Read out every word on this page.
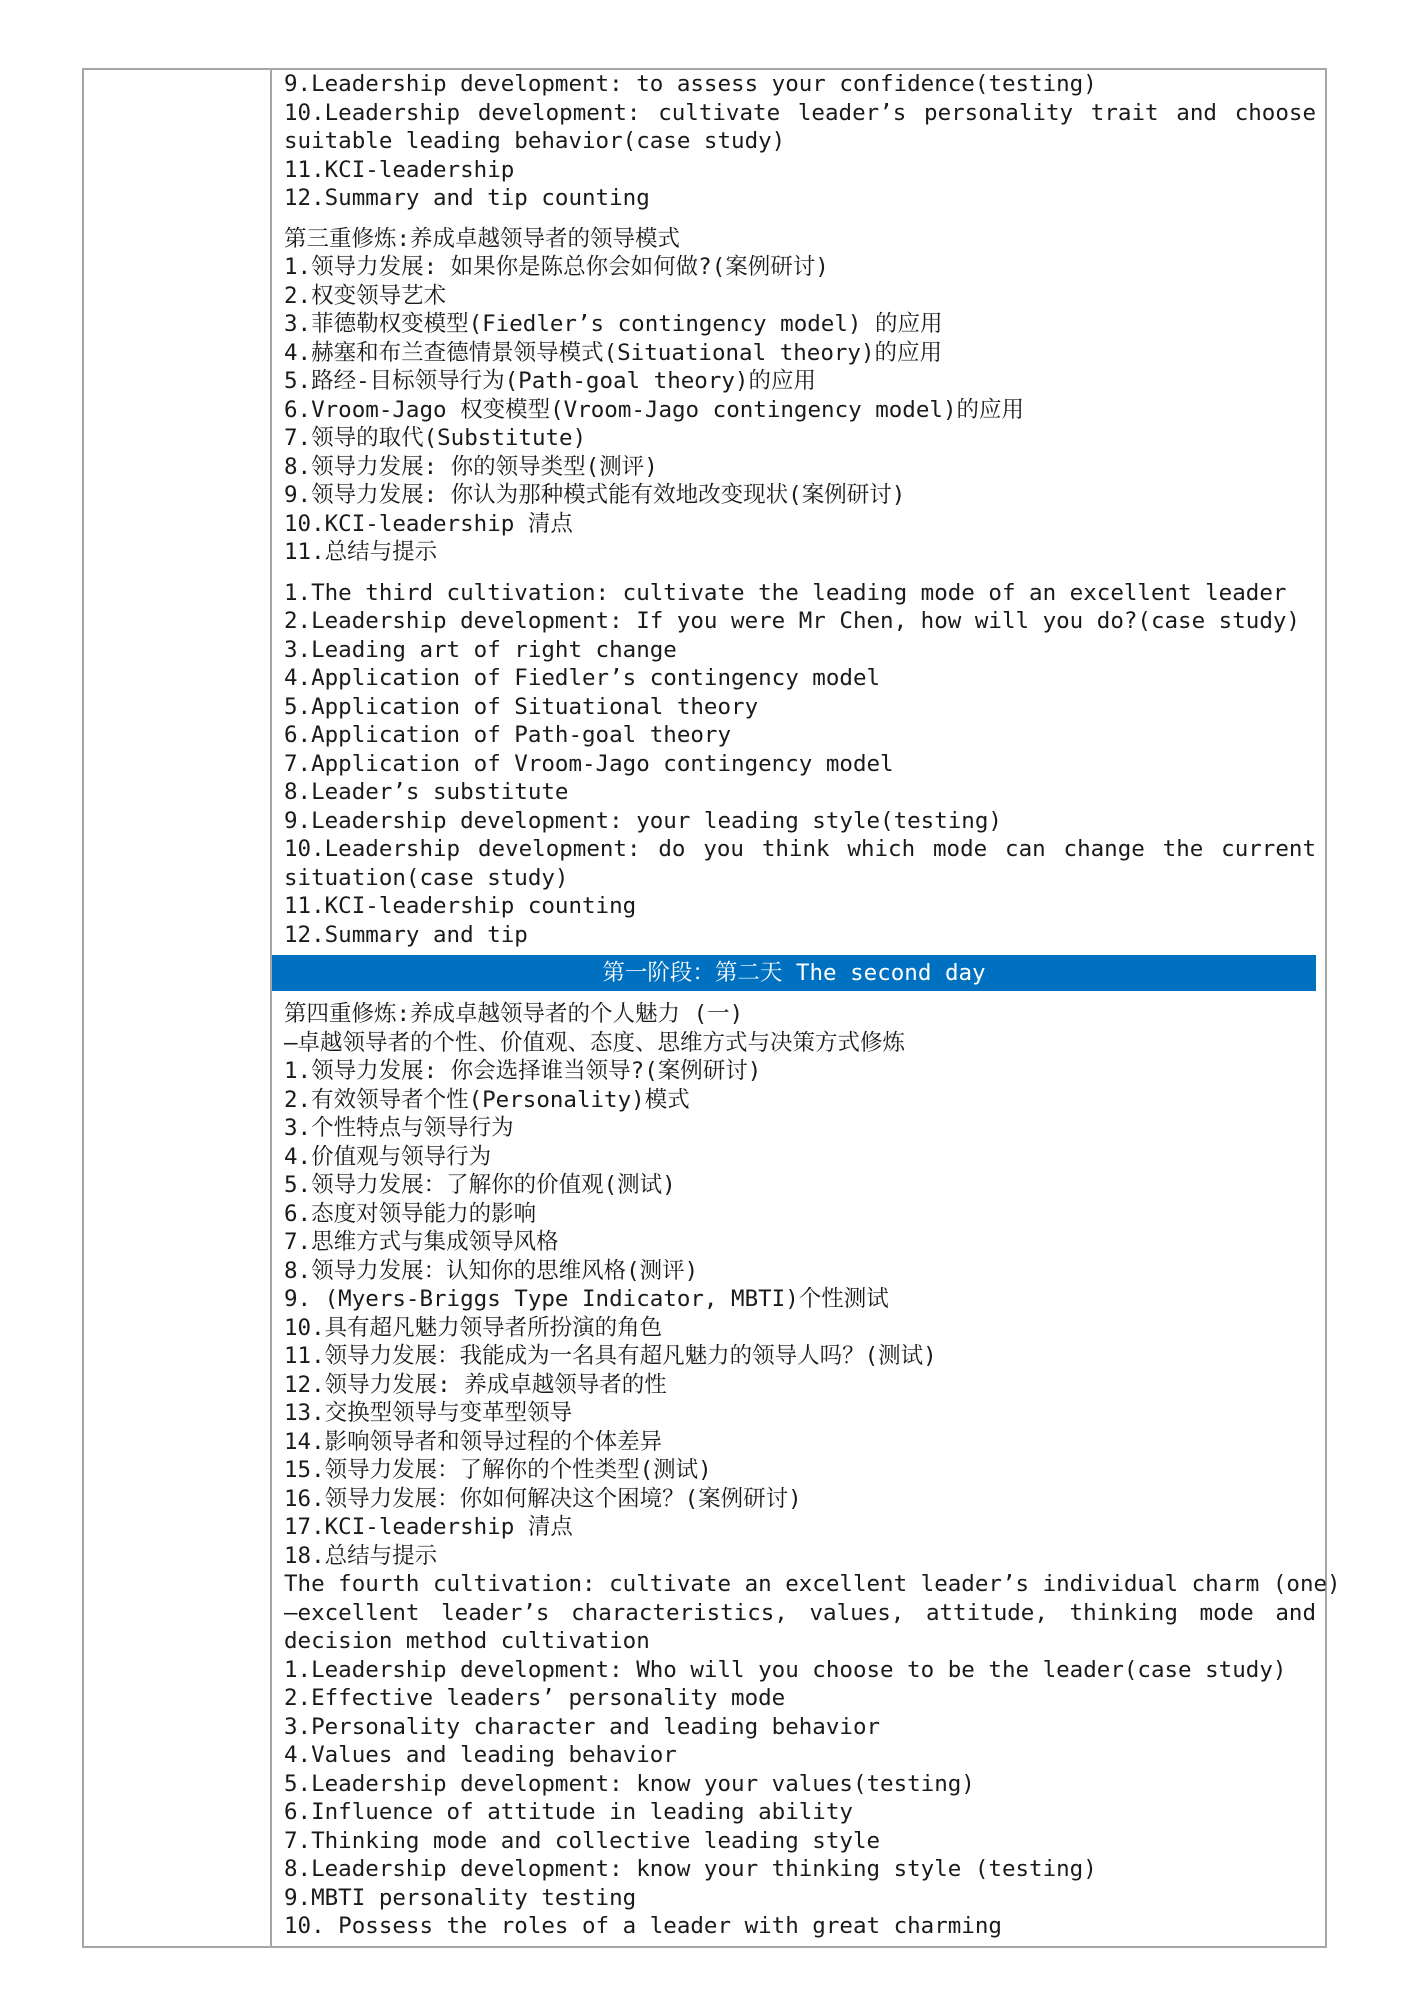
9.Leadership development: to assess your confidence(testing)
10.Leadership development: cultivate leader’s personality trait and choose
suitable leading behavior(case study)
11.KCI-leadership
12.Summary and tip counting
第三重修炼:养成卓越领导者的领导模式
1.领导力发展: 如果你是陈总你会如何做?(案例研讨)
2.权变领导艺术
3.菲德勒权变模型(Fiedler’s contingency model) 的应用
4.赫塞和布兰查德情景领导模式(Situational theory)的应用
5.路经-目标领导行为(Path-goal theory)的应用
6.Vroom-Jago 权变模型(Vroom-Jago contingency model)的应用
7.领导的取代(Substitute)
8.领导力发展: 你的领导类型(测评)
9.领导力发展: 你认为那种模式能有效地改变现状(案例研讨)
10.KCI-leadership 清点
11.总结与提示
1.The third cultivation: cultivate the leading mode of an excellent leader
2.Leadership development: If you were Mr Chen, how will you do?(case study)
3.Leading art of right change
4.Application of Fiedler’s contingency model
5.Application of Situational theory
6.Application of Path-goal theory
7.Application of Vroom-Jago contingency model
8.Leader’s substitute
9.Leadership development: your leading style(testing)
10.Leadership development: do you think which mode can change the current
situation(case study)
11.KCI-leadership counting
12.Summary and tip
第一阶段：第二天 The second day
第四重修炼:养成卓越领导者的个人魅力 (一)
—卓越领导者的个性、价值观、态度、思维方式与决策方式修炼
1.领导力发展: 你会选择谁当领导?(案例研讨)
2.有效领导者个性(Personality)模式
3.个性特点与领导行为
4.价值观与领导行为
5.领导力发展：了解你的价值观(测试)
6.态度对领导能力的影响
7.思维方式与集成领导风格
8.领导力发展：认知你的思维风格(测评)
9. (Myers-Briggs Type Indicator, MBTI)个性测试
10.具有超凡魅力领导者所扮演的角色
11.领导力发展：我能成为一名具有超凡魅力的领导人吗？(测试)
12.领导力发展: 养成卓越领导者的性
13.交换型领导与变革型领导
14.影响领导者和领导过程的个体差异
15.领导力发展：了解你的个性类型(测试)
16.领导力发展：你如何解决这个困境？(案例研讨)
17.KCI-leadership 清点
18.总结与提示
The fourth cultivation: cultivate an excellent leader’s individual charm (one)
—excellent leader’s characteristics, values, attitude, thinking mode and
decision method cultivation
1.Leadership development: Who will you choose to be the leader(case study)
2.Effective leaders’ personality mode
3.Personality character and leading behavior
4.Values and leading behavior
5.Leadership development: know your values(testing)
6.Influence of attitude in leading ability
7.Thinking mode and collective leading style
8.Leadership development: know your thinking style (testing)
9.MBTI personality testing
10. Possess the roles of a leader with great charming
